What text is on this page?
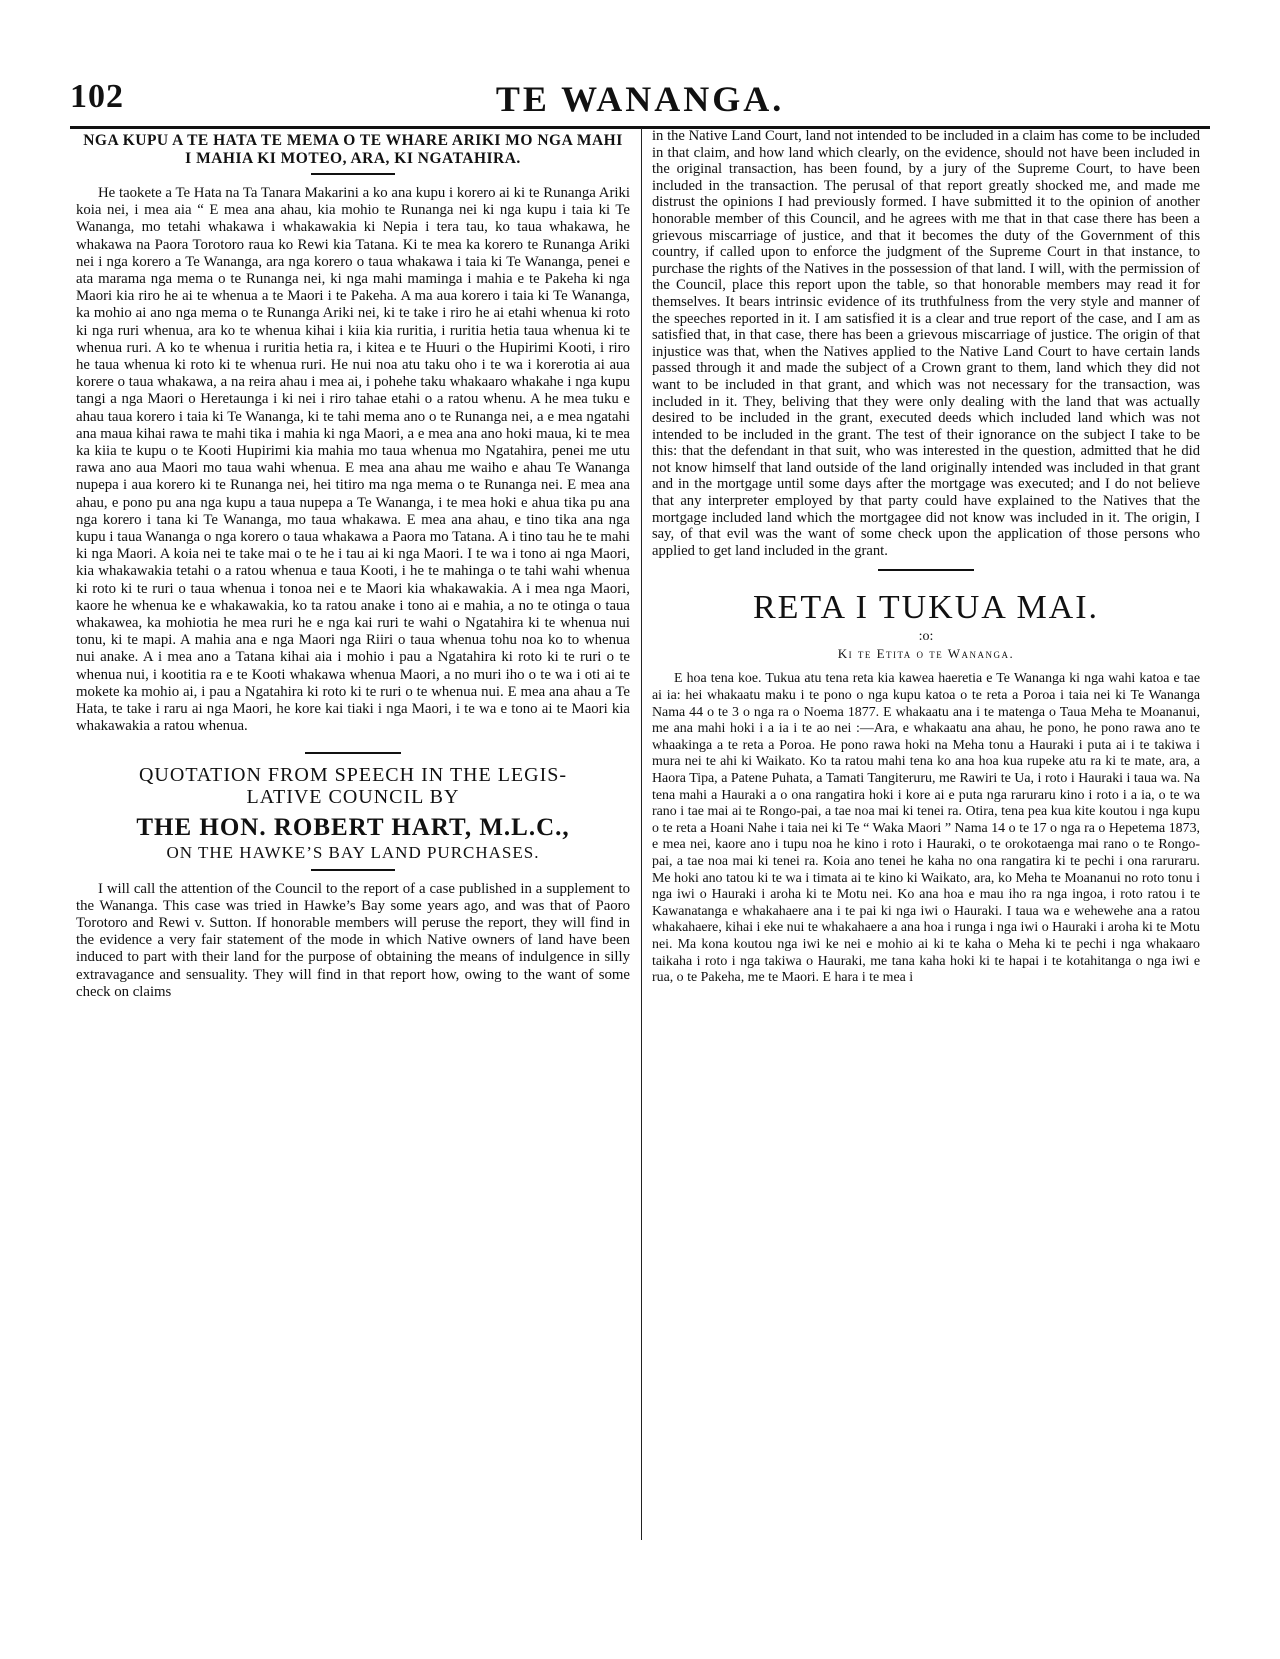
102	TE WANANGA.
NGA KUPU A TE HATA TE MEMA O TE WHARE ARIKI MO NGA MAHI I MAHIA KI MOTEO, ARA, KI NGATAHIRA.

He taokete a Te Hata na Ta Tanara Makarini a ko ana kupu i korero ai ki te Runanga Ariki koia nei, i mea aia “ E mea ana ahau, kia mohio te Runanga nei ki nga kupu i taia ki Te Wananga, mo tetahi whakawa i whakawakia ki Nepia i tera tau, ko taua whakawa, he whakawa na Paora Torotoro raua ko Rewi kia Tatana. Ki te mea ka korero te Runanga Ariki nei i nga korero a Te Wananga, ara nga korero o taua whakawa i taia ki Te Wananga, penei e ata marama nga mema o te Runanga nei, ki nga mahi maminga i mahia e te Pakeha ki nga Maori kia riro he ai te whenua a te Maori i te Pakeha. A ma aua korero i taia ki Te Wananga, ka mohio ai ano nga mema o te Runanga Ariki nei, ki te take i riro he ai etahi whenua ki roto ki nga ruri whenua, ara ko te whenua kihai i kiia kia ruritia, i ruritia hetia taua whenua ki te whenua ruri. A ko te whenua i ruritia hetia ra, i kitea e te Huuri o the Hupirimi Kooti, i riro he taua whenua ki roto ki te whenua ruri. He nui noa atu taku oho i te wa i korerotia ai aua korere o taua whakawa, a na reira ahau i mea ai, i pohehe taku whakaaro whakahe i nga kupu tangi a nga Maori o Heretaunga i ki nei i riro tahae etahi o a ratou whenu. A he mea tuku e ahau taua korero i taia ki Te Wananga, ki te tahi mema ano o te Runanga nei, a e mea ngatahi ana maua kihai rawa te mahi tika i mahia ki nga Maori, a e mea ana ano hoki maua, ki te mea ka kiia te kupu o te Kooti Hupirimi kia mahia mo taua whenua mo Ngatahira, penei me utu rawa ano aua Maori mo taua wahi whenua. E mea ana ahau me waiho e ahau Te Wananga nupepa i aua korero ki te Runanga nei, hei titiro ma nga mema o te Runanga nei. E mea ana ahau, e pono pu ana nga kupu a taua nupepa a Te Wananga, i te mea hoki e ahua tika pu ana nga korero i tana ki Te Wananga, mo taua whakawa. E mea ana ahau, e tino tika ana nga kupu i taua Wananga o nga korero o taua whakawa a Paora mo Tatana. A i tino tau he te mahi ki nga Maori. A koia nei te take mai o te he i tau ai ki nga Maori. I te wa i tono ai nga Maori, kia whakawakia tetahi o a ratou whenua e taua Kooti, i he te mahinga o te tahi wahi whenua ki roto ki te ruri o taua whenua i tonoa nei e te Maori kia whakawakia. A i mea nga Maori, kaore he whenua ke e whakawakia, ko ta ratou anake i tono ai e mahia, a no te otinga o taua whakawea, ka mohiotia he mea ruri he e nga kai ruri te wahi o Ngatahira ki te whenua nui tonu, ki te mapi. A mahia ana e nga Maori nga Riiri o taua whenua tohu noa ko to whenua nui anake. A i mea ano a Tatana kihai aia i mohio i pau a Ngatahira ki roto ki te ruri o te whenua nui, i kootitia ra e te Kooti whakawa whenua Maori, a no muri iho o te wa i oti ai te mokete ka mohio ai, i pau a Ngatahira ki roto ki te ruri o te whenua nui. E mea ana ahau a Te Hata, te take i raru ai nga Maori, he kore kai tiaki i nga Maori, i te wa e tono ai te Maori kia whakawakia a ratou whenua.

QUOTATION FROM SPEECH IN THE LEGIS-
LATIVE COUNCIL BY
THE HON. ROBERT HART, M.L.C.,
ON THE HAWKE’S BAY LAND PURCHASES.

I will call the attention of the Council to the report of a case published in a supplement to the Wananga. This case was tried in Hawke’s Bay some years ago, and was that of Paoro Torotoro and Rewi v. Sutton. If honorable members will peruse the report, they will find in the evidence a very fair statement of the mode in which Native owners of land have been induced to part with their land for the purpose of obtaining the means of indulgence in silly extravagance and sensuality. They will find in that report how, owing to the want of some check on claims

in the Native Land Court, land not intended to be included in a claim has come to be included in that claim, and how land which clearly, on the evidence, should not have been included in the original transaction, has been found, by a jury of the Supreme Court, to have been included in the transaction. The perusal of that report greatly shocked me, and made me distrust the opinions I had previously formed. I have submitted it to the opinion of another honorable member of this Council, and he agrees with me that in that case there has been a grievous miscarriage of justice, and that it becomes the duty of the Government of this country, if called upon to enforce the judgment of the Supreme Court in that instance, to purchase the rights of the Natives in the possession of that land. I will, with the permission of the Council, place this report upon the table, so that honorable members may read it for themselves. It bears intrinsic evidence of its truthfulness from the very style and manner of the speeches reported in it. I am satisfied it is a clear and true report of the case, and I am as satisfied that, in that case, there has been a grievous miscarriage of justice. The origin of that injustice was that, when the Natives applied to the Native Land Court to have certain lands passed through it and made the subject of a Crown grant to them, land which they did not want to be included in that grant, and which was not necessary for the transaction, was included in it. They, beliving that they were only dealing with the land that was actually desired to be included in the grant, executed deeds which included land which was not intended to be included in the grant. The test of their ignorance on the subject I take to be this: that the defendant in that suit, who was interested in the question, admitted that he did not know himself that land outside of the land originally intended was included in that grant and in the mortgage until some days after the mortgage was executed; and I do not believe that any interpreter employed by that party could have explained to the Natives that the mortgage included land which the mortgagee did not know was included in it. The origin, I say, of that evil was the want of some check upon the application of those persons who applied to get land included in the grant.

RETA I TUKUA MAI.
:o:
Ki te Etita o te Wananga.

E hoa tena koe. Tukua atu tena reta kia kawea haeretia e Te Wananga ki nga wahi katoa e tae ai ia: hei whakaatu maku i te pono o nga kupu katoa o te reta a Poroa i taia nei ki Te Wananga Nama 44 o te 3 o nga ra o Noema 1877. E whakaatu ana i te matenga o Taua Meha te Moananui, me ana mahi hoki i a ia i te ao nei :—Ara, e whakaatu ana ahau, he pono, he pono rawa ano te whaakinga a te reta a Poroa. He pono rawa hoki na Meha tonu a Hauraki i puta ai i te takiwa i mura nei te ahi ki Waikato. Ko ta ratou mahi tena ko ana hoa kua rupeke atu ra ki te mate, ara, a Haora Tipa, a Patene Puhata, a Tamati Tangiteruru, me Rawiri te Ua, i roto i Hauraki i taua wa. Na tena mahi a Hauraki a o ona rangatira hoki i kore ai e puta nga raruraru kino i roto i a ia, o te wa rano i tae mai ai te Rongo-pai, a tae noa mai ki tenei ra. Otira, tena pea kua kite koutou i nga kupu o te reta a Hoani Nahe i taia nei ki Te “ Waka Maori ” Nama 14 o te 17 o nga ra o Hepetema 1873, e mea nei, kaore ano i tupu noa he kino i roto i Hauraki, o te orokotaenga mai rano o te Rongo-pai, a tae noa mai ki tenei ra. Koia ano tenei he kaha no ona rangatira ki te pechi i ona raruraru. Me hoki ano tatou ki te wa i timata ai te kino ki Waikato, ara, ko Meha te Moananui no roto tonu i nga iwi o Hauraki i aroha ki te Motu nei. Ko ana hoa e mau iho ra nga ingoa, i roto ratou i te Kawanatanga e whakahaere ana i te pai ki nga iwi o Hauraki. I taua wa e wehewehe ana a ratou whakahaere, kihai i eke nui te whakahaere a ana hoa i runga i nga iwi o Hauraki i aroha ki te Motu nei. Ma kona koutou nga iwi ke nei e mohio ai ki te kaha o Meha ki te pechi i nga whakaaro taikaha i roto i nga takiwa o Hauraki, me tana kaha hoki ki te hapai i te kotahitanga o nga iwi e rua, o te Pakeha, me te Maori. E hara i te mea i
